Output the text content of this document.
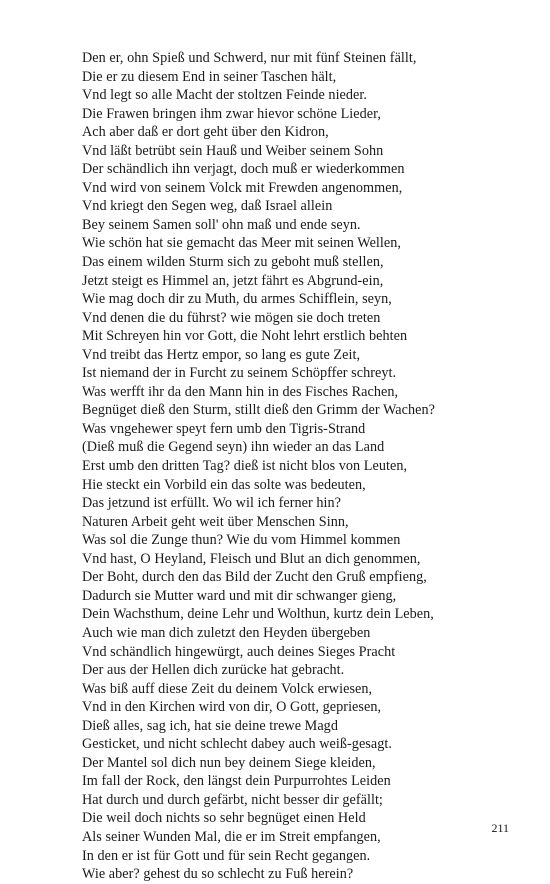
Den er, ohn Spieß und Schwerd, nur mit fünf Steinen fällt,
Die er zu diesem End in seiner Taschen hält,
Vnd legt so alle Macht der stoltzen Feinde nieder.
Die Frawen bringen ihm zwar hievor schöne Lieder,
Ach aber daß er dort geht über den Kidron,
Vnd läßt betrübt sein Hauß und Weiber seinem Sohn
Der schändlich ihn verjagt, doch muß er wiederkommen
Vnd wird von seinem Volck mit Frewden angenommen,
Vnd kriegt den Segen weg, daß Israel allein
Bey seinem Samen soll' ohn maß und ende seyn.
Wie schön hat sie gemacht das Meer mit seinen Wellen,
Das einem wilden Sturm sich zu geboht muß stellen,
Jetzt steigt es Himmel an, jetzt fährt es Abgrund-ein,
Wie mag doch dir zu Muth, du armes Schifflein, seyn,
Vnd denen die du führst? wie mögen sie doch treten
Mit Schreyen hin vor Gott, die Noht lehrt erstlich behten
Vnd treibt das Hertz empor, so lang es gute Zeit,
Ist niemand der in Furcht zu seinem Schöpffer schreyt.
Was werfft ihr da den Mann hin in des Fisches Rachen,
Begnüget dieß den Sturm, stillt dieß den Grimm der Wachen?
Was vngehewer speyt fern umb den Tigris-Strand
(Dieß muß die Gegend seyn) ihn wieder an das Land
Erst umb den dritten Tag? dieß ist nicht blos von Leuten,
Hie steckt ein Vorbild ein das solte was bedeuten,
Das jetzund ist erfüllt. Wo wil ich ferner hin?
Naturen Arbeit geht weit über Menschen Sinn,
Was sol die Zunge thun? Wie du vom Himmel kommen
Vnd hast, O Heyland, Fleisch und Blut an dich genommen,
Der Boht, durch den das Bild der Zucht den Gruß empfieng,
Dadurch sie Mutter ward und mit dir schwanger gieng,
Dein Wachsthum, deine Lehr und Wolthun, kurtz dein Leben,
Auch wie man dich zuletzt den Heyden übergeben
Vnd schändlich hingewürgt, auch deines Sieges Pracht
Der aus der Hellen dich zurücke hat gebracht.
Was biß auff diese Zeit du deinem Volck erwiesen,
Vnd in den Kirchen wird von dir, O Gott, gepriesen,
Dieß alles, sag ich, hat sie deine trewe Magd
Gesticket, und nicht schlecht dabey auch weiß-gesagt.
Der Mantel sol dich nun bey deinem Siege kleiden,
Im fall der Rock, den längst dein Purpurrohtes Leiden
Hat durch und durch gefärbt, nicht besser dir gefällt;
Die weil doch nichts so sehr begnüget einen Held
Als seiner Wunden Mal, die er im Streit empfangen,
In den er ist für Gott und für sein Recht gegangen.
Wie aber? gehest du so schlecht zu Fuß herein?
211
